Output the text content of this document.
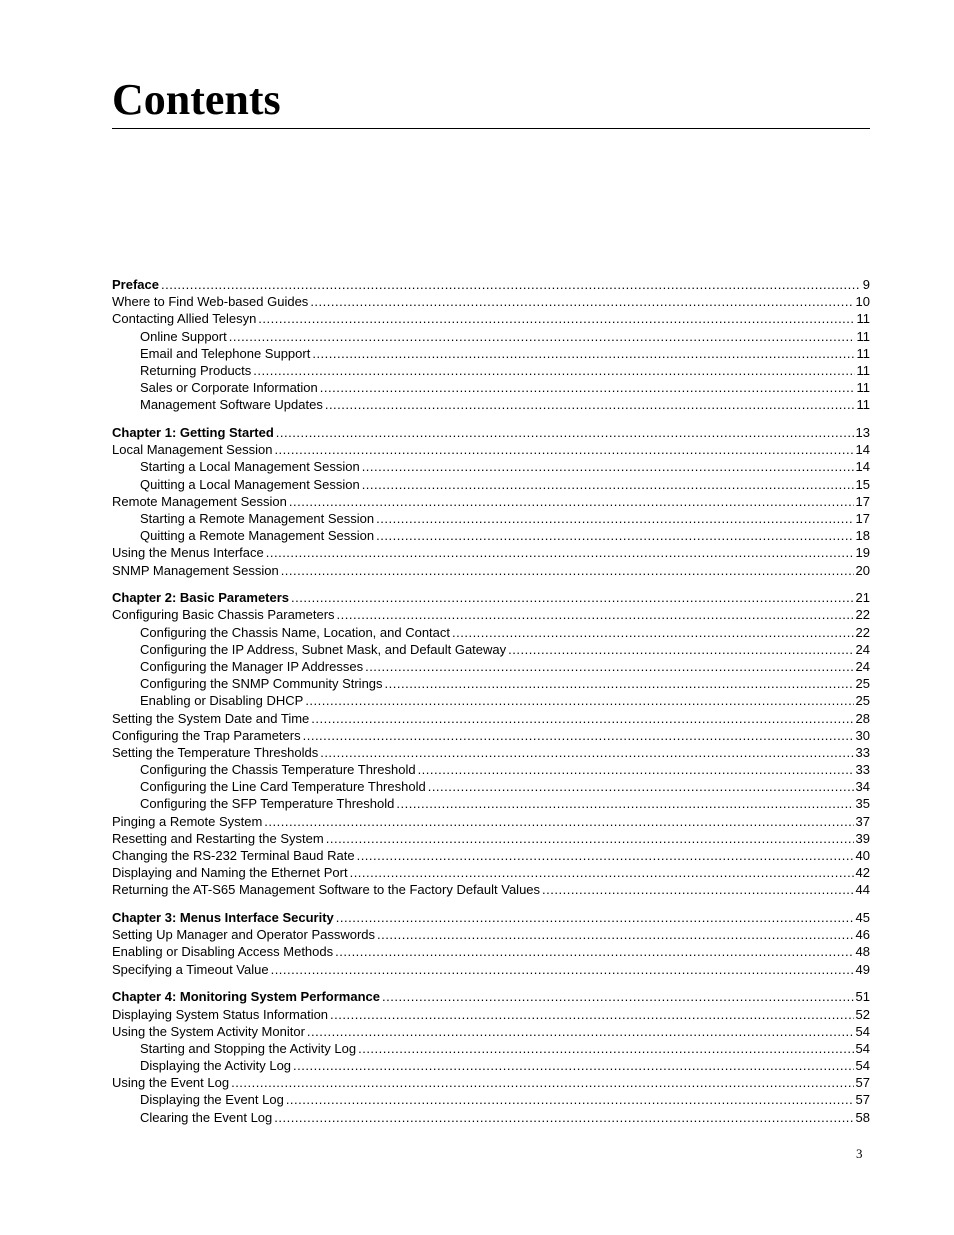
Contents
Preface .....	9
Where to Find Web-based Guides .....	10
Contacting Allied Telesyn .....	11
Online Support .....	11
Email and Telephone Support .....	11
Returning Products .....	11
Sales or Corporate Information .....	11
Management Software Updates .....	11
Chapter 1: Getting Started .....	13
Local Management Session .....	14
Starting a Local Management Session .....	14
Quitting a Local Management Session .....	15
Remote Management Session .....	17
Starting a Remote Management Session .....	17
Quitting a Remote Management Session .....	18
Using the Menus Interface .....	19
SNMP Management Session .....	20
Chapter 2: Basic Parameters .....	21
Configuring Basic Chassis Parameters .....	22
Configuring the Chassis Name, Location, and Contact .....	22
Configuring the IP Address, Subnet Mask, and Default Gateway .....	24
Configuring the Manager IP Addresses .....	24
Configuring the SNMP Community Strings .....	25
Enabling or Disabling DHCP .....	25
Setting the System Date and Time .....	28
Configuring the Trap Parameters .....	30
Setting the Temperature Thresholds .....	33
Configuring the Chassis Temperature Threshold .....	33
Configuring the Line Card Temperature Threshold .....	34
Configuring the SFP Temperature Threshold .....	35
Pinging a Remote System .....	37
Resetting and Restarting the System .....	39
Changing the RS-232 Terminal Baud Rate .....	40
Displaying and Naming the Ethernet Port .....	42
Returning the AT-S65 Management Software to the Factory Default Values .....	44
Chapter 3: Menus Interface Security .....	45
Setting Up Manager and Operator Passwords .....	46
Enabling or Disabling Access Methods .....	48
Specifying a Timeout Value .....	49
Chapter 4: Monitoring System Performance .....	51
Displaying System Status Information .....	52
Using the System Activity Monitor .....	54
Starting and Stopping the Activity Log .....	54
Displaying the Activity Log .....	54
Using the Event Log .....	57
Displaying the Event Log .....	57
Clearing the Event Log .....	58
3
